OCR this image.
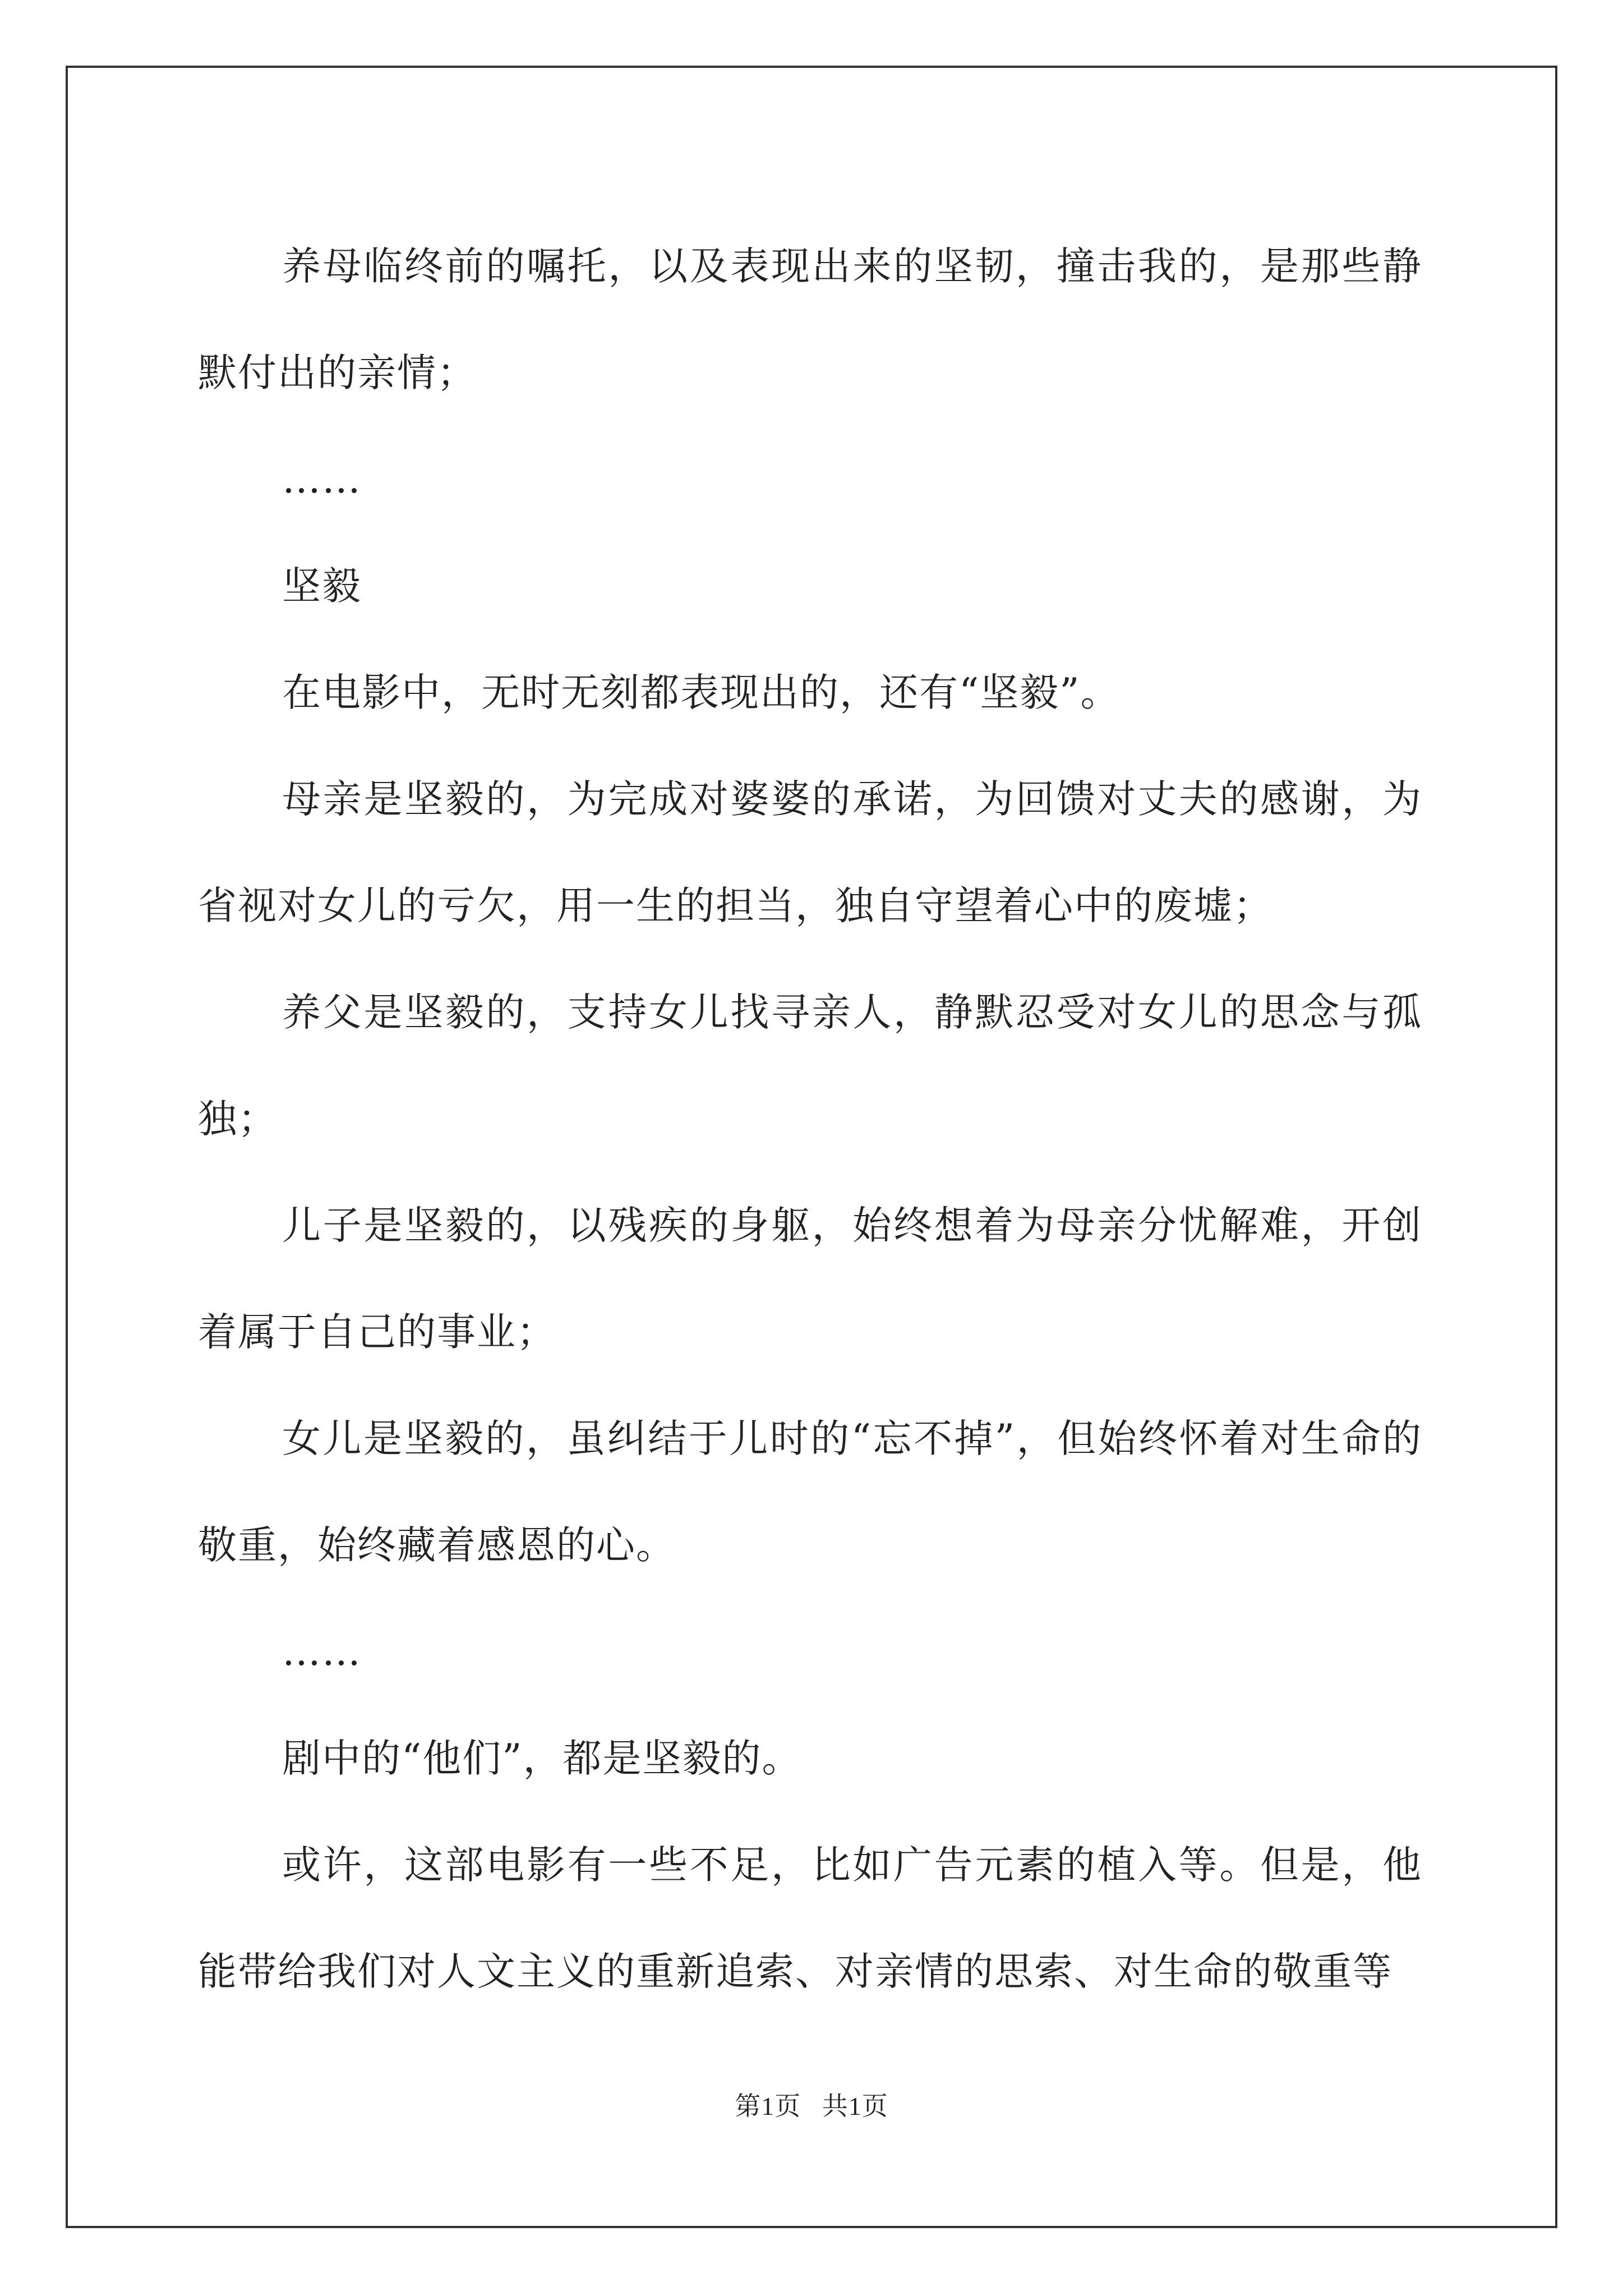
养母临终前的嘱托，以及表现出来的坚韧，撞击我的，是那些静默付出的亲情；

……

坚毅

在电影中，无时无刻都表现出的，还有“坚毅”。

母亲是坚毅的，为完成对婆婆的承诺，为回馈对丈夫的感谢，为省视对女儿的亏欠，用一生的担当，独自守望着心中的废墟；

养父是坚毅的，支持女儿找寻亲人，静默忍受对女儿的思念与孤独；

儿子是坚毅的，以残疾的身躯，始终想着为母亲分忧解难，开创着属于自己的事业；

女儿是坚毅的，虽纠结于儿时的“忘不掉”，但始终怀着对生命的敬重，始终藏着感恩的心。

……

剧中的“他们”，都是坚毅的。

或许，这部电影有一些不足，比如广告元素的植入等。但是，他能带给我们对人文主义的重新追索、对亲情的思索、对生命的敬重等

第1页 共1页
